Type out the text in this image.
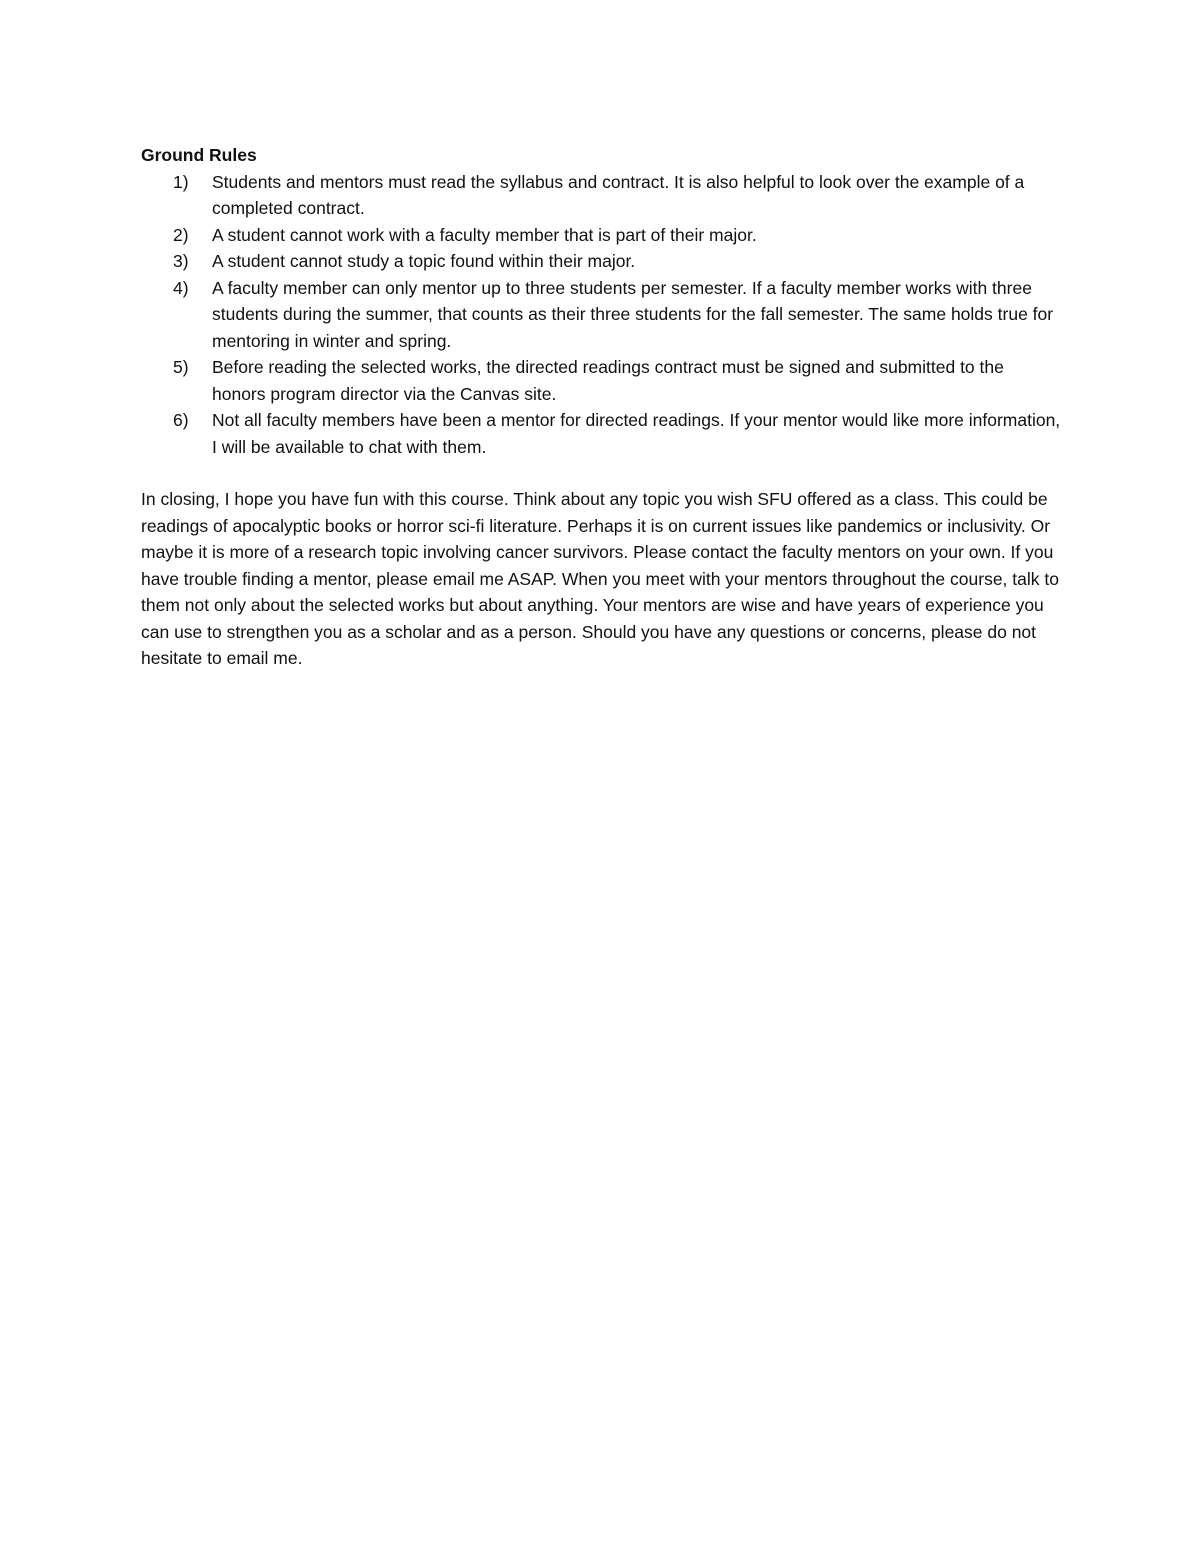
Ground Rules
1) Students and mentors must read the syllabus and contract. It is also helpful to look over the example of a completed contract.
2) A student cannot work with a faculty member that is part of their major.
3) A student cannot study a topic found within their major.
4) A faculty member can only mentor up to three students per semester. If a faculty member works with three students during the summer, that counts as their three students for the fall semester. The same holds true for mentoring in winter and spring.
5) Before reading the selected works, the directed readings contract must be signed and submitted to the honors program director via the Canvas site.
6) Not all faculty members have been a mentor for directed readings. If your mentor would like more information, I will be available to chat with them.

In closing, I hope you have fun with this course. Think about any topic you wish SFU offered as a class. This could be readings of apocalyptic books or horror sci-fi literature. Perhaps it is on current issues like pandemics or inclusivity. Or maybe it is more of a research topic involving cancer survivors. Please contact the faculty mentors on your own. If you have trouble finding a mentor, please email me ASAP. When you meet with your mentors throughout the course, talk to them not only about the selected works but about anything. Your mentors are wise and have years of experience you can use to strengthen you as a scholar and as a person. Should you have any questions or concerns, please do not hesitate to email me.
